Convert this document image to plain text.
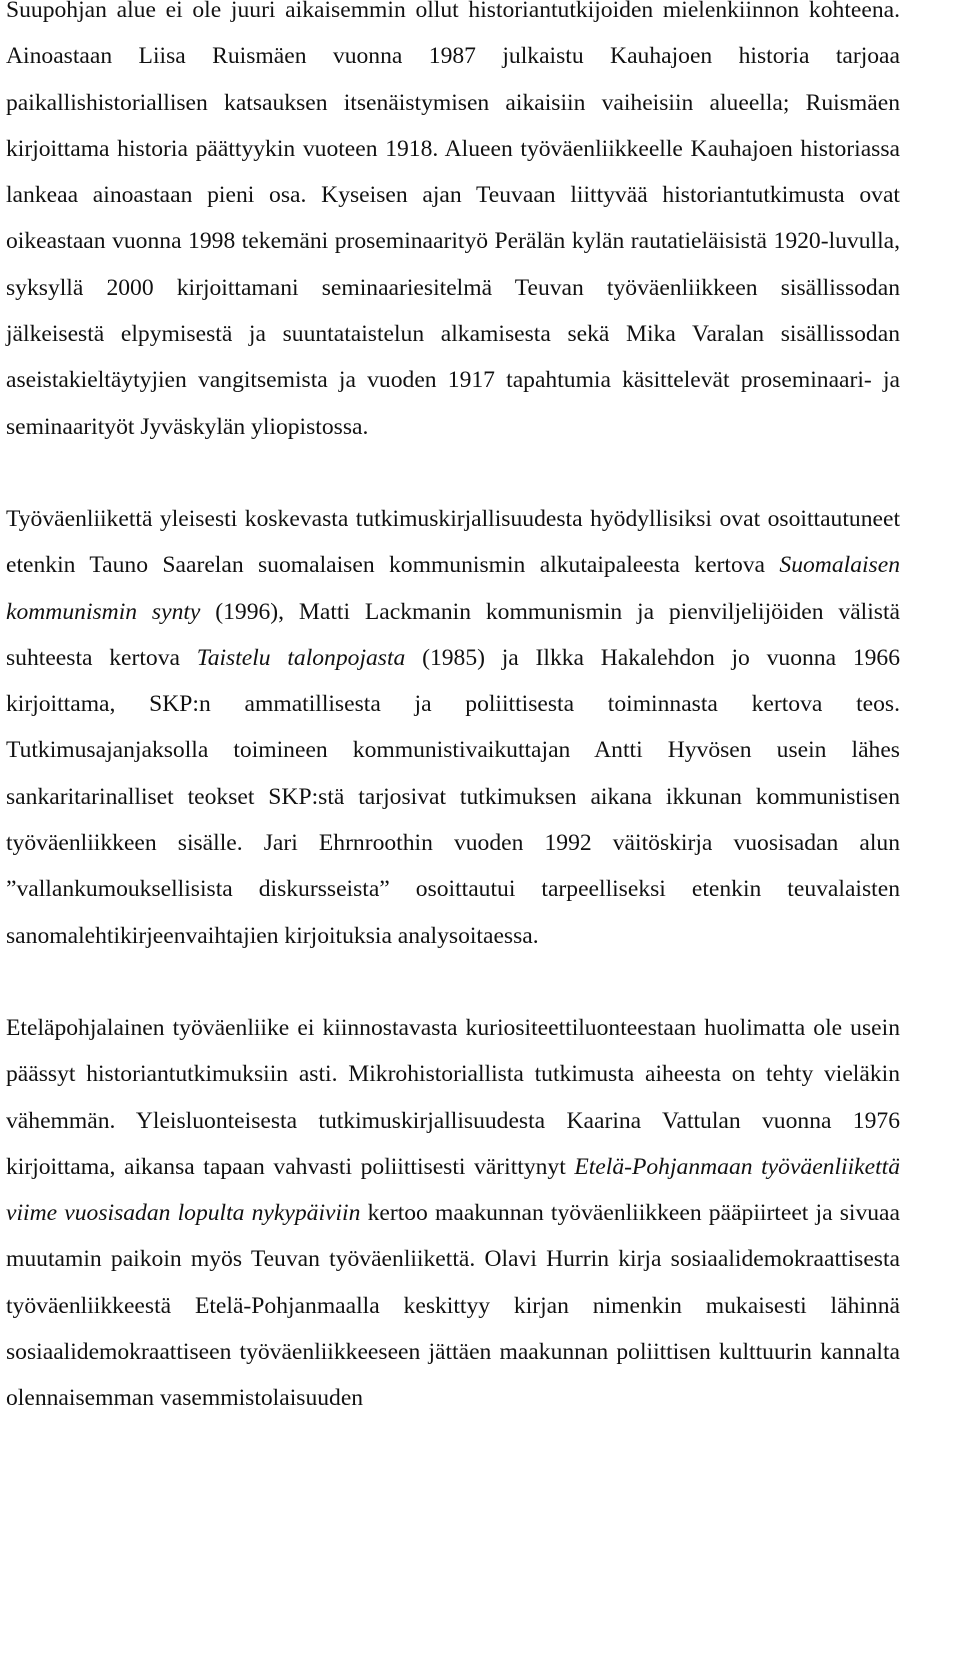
Suupohjan alue ei ole juuri aikaisemmin ollut historiantutkijoiden mielenkiinnon kohteena. Ainoastaan Liisa Ruismäen vuonna 1987 julkaistu Kauhajoen historia tarjoaa paikallishistoriallisen katsauksen itsenäistymisen aikaisiin vaiheisiin alueella; Ruismäen kirjoittama historia päättyykin vuoteen 1918. Alueen työväenliikkeelle Kauhajoen historiassa lankeaa ainoastaan pieni osa. Kyseisen ajan Teuvaan liittyvää historiantutkimusta ovat oikeastaan vuonna 1998 tekemäni proseminaarityö Perälän kylän rautatieläisistä 1920-luvulla, syksyllä 2000 kirjoittamani seminaariesitelmä Teuvan työväenliikkeen sisällissodan jälkeisestä elpymisestä ja suuntataistelun alkamisesta sekä Mika Varalan sisällissodan aseistakieltäytyjien vangitsemista ja vuoden 1917 tapahtumia käsittelevät proseminaari- ja seminaarityöt Jyväskylän yliopistossa.

Työväenliikettä yleisesti koskevasta tutkimuskirjallisuudesta hyödyllisiksi ovat osoittautuneet etenkin Tauno Saarelan suomalaisen kommunismin alkutaipaleesta kertova Suomalaisen kommunismin synty (1996), Matti Lackmanin kommunismin ja pienviljelijöiden välistä suhteesta kertova Taistelu talonpojasta (1985) ja Ilkka Hakalehdon jo vuonna 1966 kirjoittama, SKP:n ammatillisesta ja poliittisesta toiminnasta kertova teos. Tutkimusajanjaksolla toimineen kommunistivaikuttajan Antti Hyvösen usein lähes sankaritarinalliset teokset SKP:stä tarjosivat tutkimuksen aikana ikkunan kommunistisen työväenliikkeen sisälle. Jari Ehrnroothin vuoden 1992 väitöskirja vuosisadan alun ”vallankumouksellisista diskursseista” osoittautui tarpeelliseksi etenkin teuvalaisten sanomalehtikirjeenvaihtajien kirjoituksia analysoitaessa.

Eteläpohjalainen työväenliike ei kiinnostavasta kuriositeettiluonteestaan huolimatta ole usein päässyt historiantutkimuksiin asti. Mikrohistoriallista tutkimusta aiheesta on tehty vieläkin vähemmän. Yleisluonteisesta tutkimuskirjallisuudesta Kaarina Vattulan vuonna 1976 kirjoittama, aikansa tapaan vahvasti poliittisesti värittynyt Etelä-Pohjanmaan työväenliikettä viime vuosisadan lopulta nykypäiviin kertoo maakunnan työväenliikkeen pääpiirteet ja sivuaa muutamin paikoin myös Teuvan työväenliikettä. Olavi Hurrin kirja sosiaalidemokraattisesta työväenliikkeestä Etelä-Pohjanmaalla keskittyy kirjan nimenkin mukaisesti lähinnä sosiaalidemokraattiseen työväenliikkeeseen jättäen maakunnan poliittisen kulttuurin kannalta olennaisemman vasemmistolaisuuden
